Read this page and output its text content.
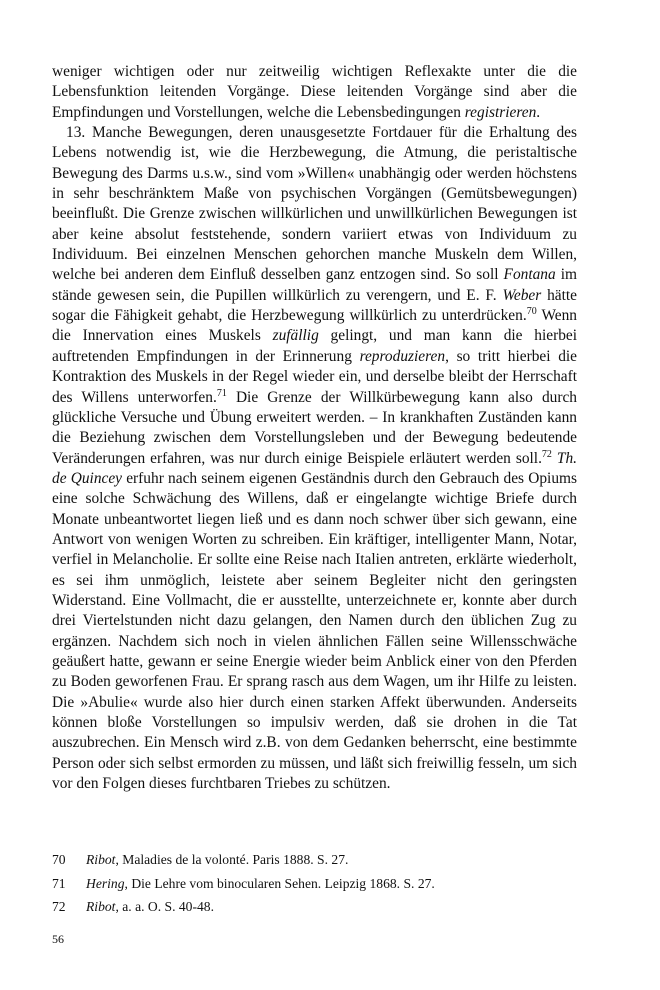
weniger wichtigen oder nur zeitweilig wichtigen Reflexakte unter die die Lebensfunktion leitenden Vorgänge. Diese leitenden Vorgänge sind aber die Empfindungen und Vorstellungen, welche die Lebensbedingungen registrieren.

13. Manche Bewegungen, deren unausgesetzte Fortdauer für die Erhaltung des Lebens notwendig ist, wie die Herzbewegung, die Atmung, die peristaltische Bewegung des Darms u.s.w., sind vom »Willen« unabhängig oder werden höchstens in sehr beschränktem Maße von psychischen Vorgängen (Gemütsbewegungen) beeinflußt. Die Grenze zwischen willkürlichen und unwillkürlichen Bewegungen ist aber keine absolut feststehende, sondern variiert etwas von Individuum zu Individuum. Bei einzelnen Menschen gehorchen manche Muskeln dem Willen, welche bei anderen dem Einfluß desselben ganz entzogen sind. So soll Fontana im stände gewesen sein, die Pupillen willkürlich zu verengern, und E. F. Weber hätte sogar die Fähigkeit gehabt, die Herzbewegung willkürlich zu unterdrücken.$^{70}$ Wenn die Innervation eines Muskels zufällig gelingt, und man kann die hierbei auftretenden Empfindungen in der Erinnerung reproduzieren, so tritt hierbei die Kontraktion des Muskels in der Regel wieder ein, und derselbe bleibt der Herrschaft des Willens unterworfen.$^{71}$ Die Grenze der Willkürbewegung kann also durch glückliche Versuche und Übung erweitert werden. – In krankhaften Zuständen kann die Beziehung zwischen dem Vorstellungsleben und der Bewegung bedeutende Veränderungen erfahren, was nur durch einige Beispiele erläutert werden soll.$^{72}$ Th. de Quincey erfuhr nach seinem eigenen Geständnis durch den Gebrauch des Opiums eine solche Schwächung des Willens, daß er eingelangte wichtige Briefe durch Monate unbeantwortet liegen ließ und es dann noch schwer über sich gewann, eine Antwort von wenigen Worten zu schreiben. Ein kräftiger, intelligenter Mann, Notar, verfiel in Melancholie. Er sollte eine Reise nach Italien antreten, erklärte wiederholt, es sei ihm unmöglich, leistete aber seinem Begleiter nicht den geringsten Widerstand. Eine Vollmacht, die er ausstellte, unterzeichnete er, konnte aber durch drei Viertelstunden nicht dazu gelangen, den Namen durch den üblichen Zug zu ergänzen. Nachdem sich noch in vielen ähnlichen Fällen seine Willensschwäche geäußert hatte, gewann er seine Energie wieder beim Anblick einer von den Pferden zu Boden geworfenen Frau. Er sprang rasch aus dem Wagen, um ihr Hilfe zu leisten. Die »Abulie« wurde also hier durch einen starken Affekt überwunden. Anderseits können bloße Vorstellungen so impulsiv werden, daß sie drohen in die Tat auszubrechen. Ein Mensch wird z.B. von dem Gedanken beherrscht, eine bestimmte Person oder sich selbst ermorden zu müssen, und läßt sich freiwillig fesseln, um sich vor den Folgen dieses furchtbaren Triebes zu schützen.

70	Ribot, Maladies de la volonté. Paris 1888. S. 27.
71	Hering, Die Lehre vom binocularen Sehen. Leipzig 1868. S. 27.
72	Ribot, a. a. O. S. 40-48.
56
